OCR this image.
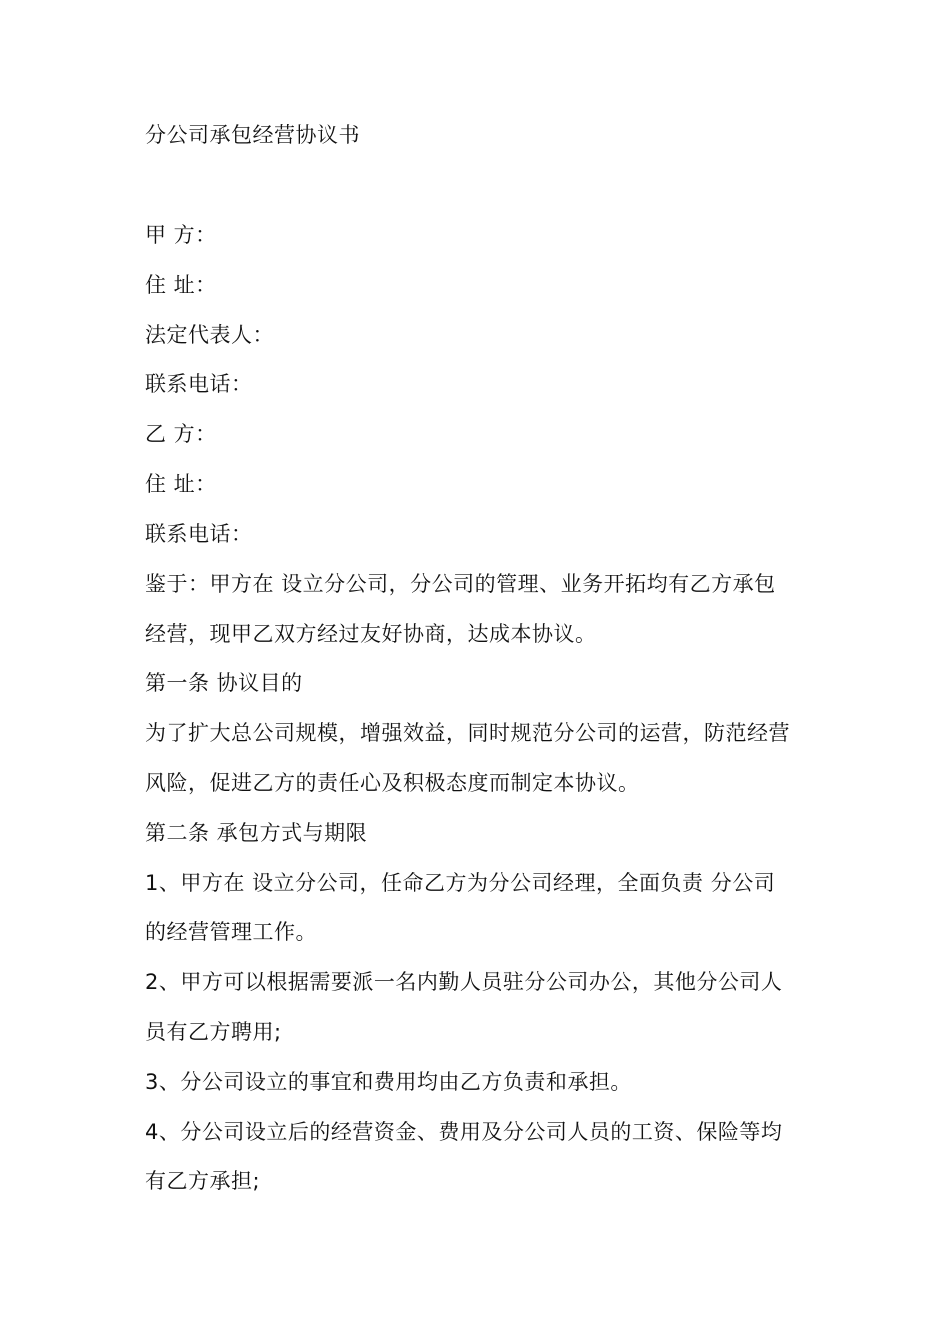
分公司承包经营协议书
甲 方：
住 址：
法定代表人：
联系电话：
乙 方：
住 址：
联系电话：
鉴于：甲方在 设立分公司，分公司的管理、业务开拓均有乙方承包
经营，现甲乙双方经过友好协商，达成本协议。
第一条 协议目的
为了扩大总公司规模，增强效益，同时规范分公司的运营，防范经营
风险，促进乙方的责任心及积极态度而制定本协议。
第二条 承包方式与期限
1、甲方在 设立分公司，任命乙方为分公司经理，全面负责 分公司
的经营管理工作。
2、甲方可以根据需要派一名内勤人员驻分公司办公，其他分公司人
员有乙方聘用;
3、分公司设立的事宜和费用均由乙方负责和承担。
4、分公司设立后的经营资金、费用及分公司人员的工资、保险等均
有乙方承担;
